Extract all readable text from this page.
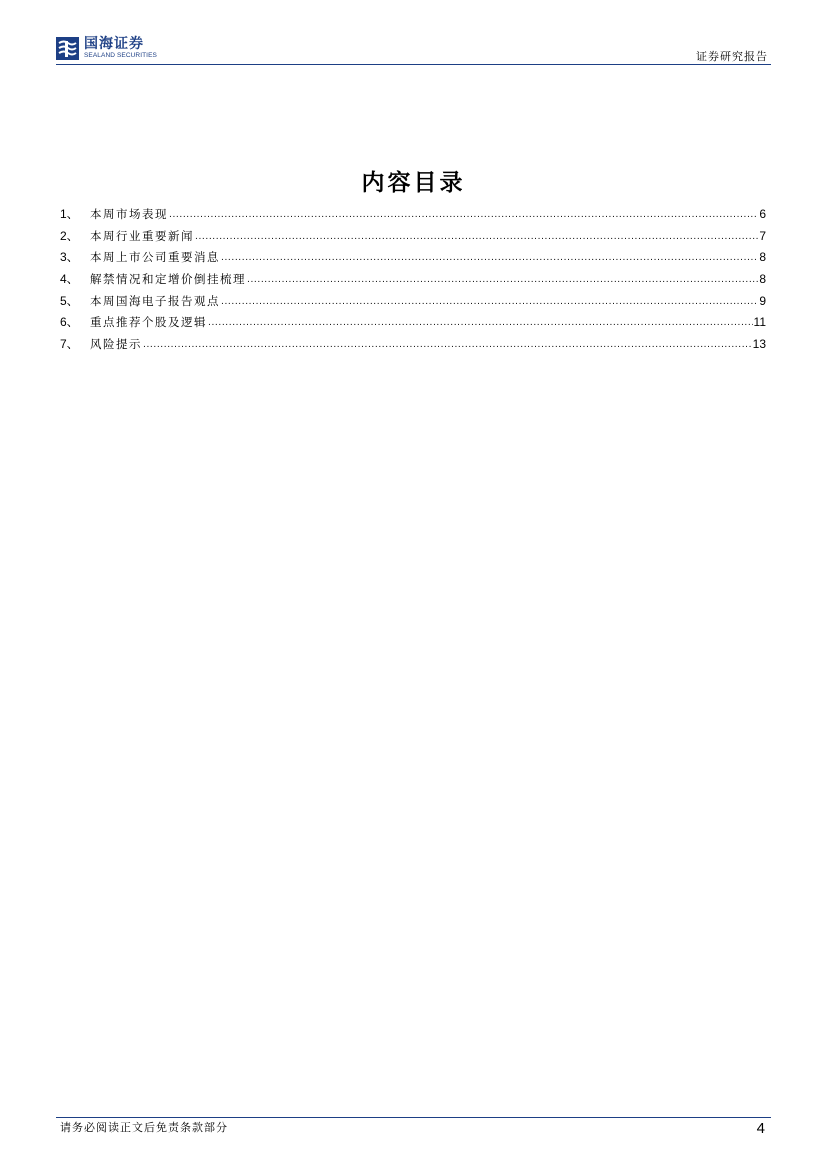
国海证券
SEALAND SECURITIES	证券研究报告
内容目录
1、 本周市场表现 .....	6
2、 本周行业重要新闻 .....	7
3、 本周上市公司重要消息 .....	8
4、 解禁情况和定增价倒挂梳理 .....	8
5、 本周国海电子报告观点 .....	9
6、 重点推荐个股及逻辑 .....	11
7、 风险提示 .....	13
请务必阅读正文后免责条款部分	4
